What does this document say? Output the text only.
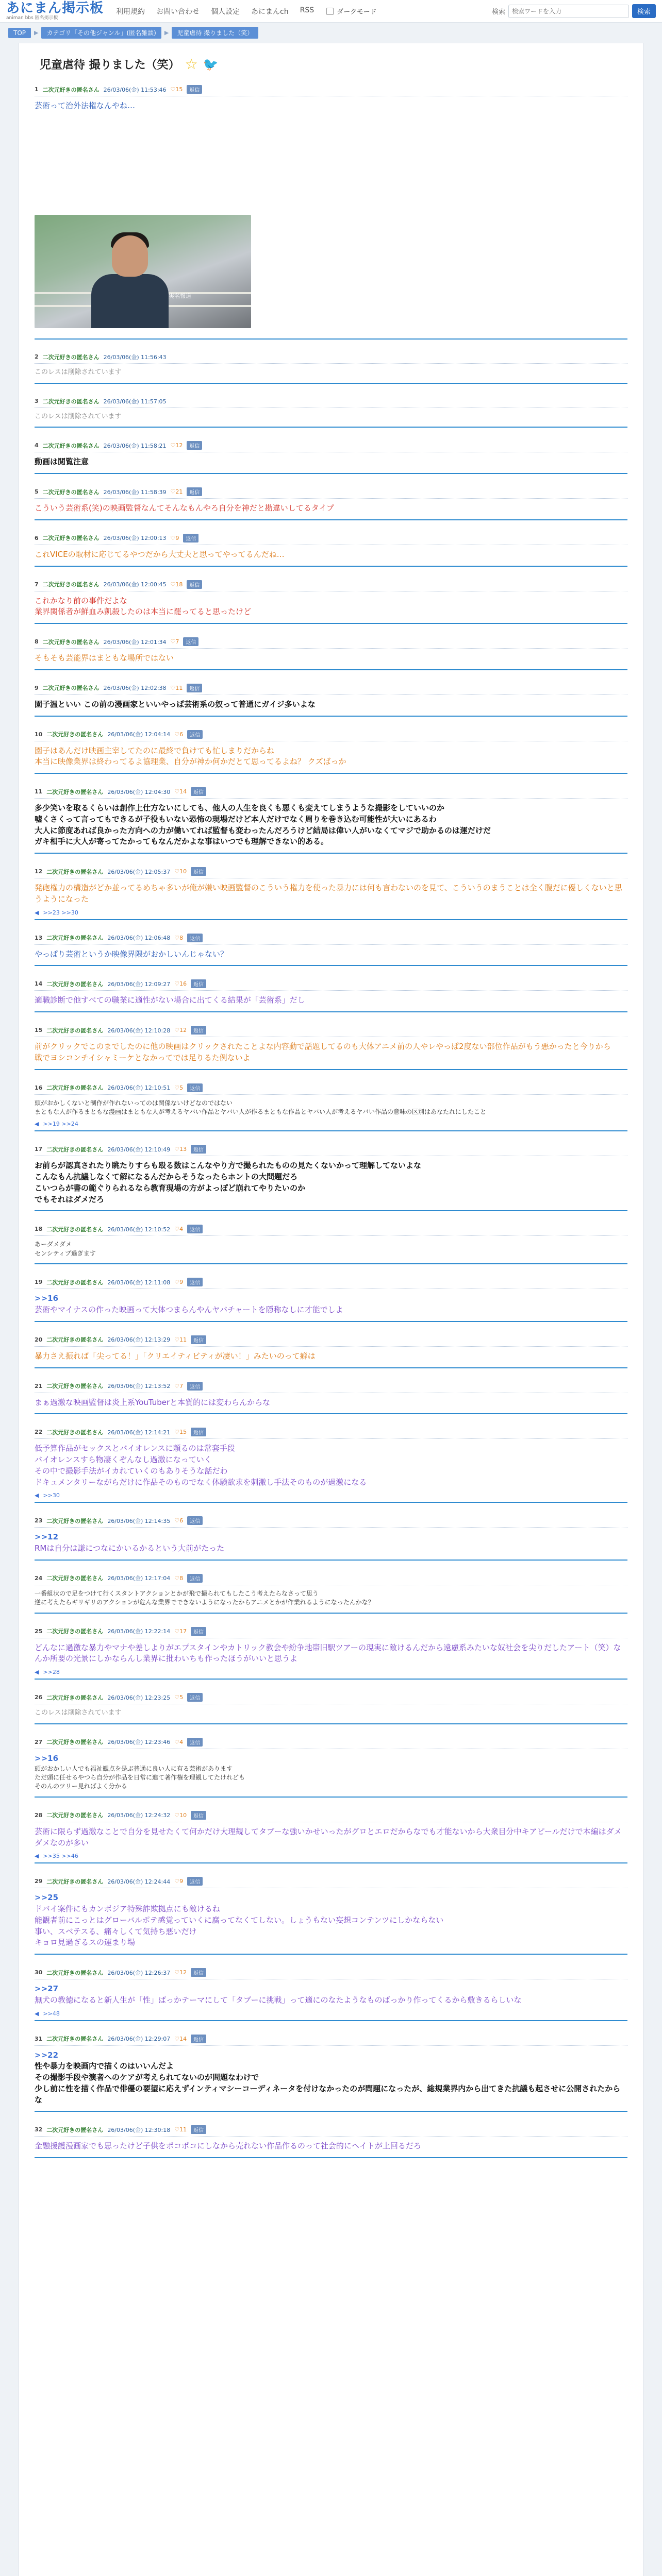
あにまん掲示板
animan bbs 匿名掲示板
利用規約 お問い合わせ 個人設定 あにまんch RSS	ダークモード	検索
検索ワードを入力	検索
TOP	▶	カテゴリ「その他ジャンル」(匿名雑談)	▶	児童虐待 撮りました（笑）
児童虐待 撮りました（笑） ☆ 🐦
1 二次元好きの匿名さん 26/03/06(金) 11:53:46 ♡15	返信
芸術って治外法権なんやね…
実名報道
2 二次元好きの匿名さん 26/03/06(金) 11:56:43
このレスは削除されています
3 二次元好きの匿名さん 26/03/06(金) 11:57:05
このレスは削除されています
4 二次元好きの匿名さん 26/03/06(金) 11:58:21 ♡12	返信
動画は閲覧注意
5 二次元好きの匿名さん 26/03/06(金) 11:58:39 ♡21	返信
こういう芸術系(笑)の映画監督なんてそんなもんやろ自分を神だと勘違いしてるタイプ
6 二次元好きの匿名さん 26/03/06(金) 12:00:13 ♡9	返信
これVICEの取材に応じてるやつだから大丈夫と思ってやってるんだね…
7 二次元好きの匿名さん 26/03/06(金) 12:00:45 ♡18	返信
これかなり前の事件だよな
業界関係者が鮮血み凱殺したのは本当に罷ってると思ったけど
8 二次元好きの匿名さん 26/03/06(金) 12:01:34 ♡7	返信
そもそも芸能界はまともな場所ではない
9 二次元好きの匿名さん 26/03/06(金) 12:02:38 ♡11	返信
園子温といい この前の漫画家といいやっぱ芸術系の奴って普通にガイジ多いよな
10 二次元好きの匿名さん 26/03/06(金) 12:04:14 ♡6	返信
園子はあんだけ映画主宰してたのに最終で負けても忙しまりだからね
本当に映像業界は終わってるよ協理業、自分が神か何かだとて思ってるよね？ クズばっか
11 二次元好きの匿名さん 26/03/06(金) 12:04:30 ♡14	返信
多少笑いを取るくらいは創作上仕方ないにしても、他人の人生を良くも悪くも変えてしまうような撮影をしていいのか
嘘くさくって言ってもできるが子役もいない恐怖の現場だけど本人だけでなく周りを巻き込む可能性が大いにあるわ
大人に節度あれば良かった方向への力が働いてれば監督も変わったんだろうけど結局は偉い人がいなくてマジで助かるのは運だけだ
ガキ相手に大人が寄ってたかってもなんだかよな事はいつでも理解できない的ある。
12 二次元好きの匿名さん 26/03/06(金) 12:05:37 ♡10	返信
発砲権力の構造がどか並ってるめちゃ多いが俺が嫌い映画監督のこういう権力を使った暴力には何も言わないのを見て、こういうのまうことは全く腹だに優しくないと思うようになった
◀ >>23 >>30
13 二次元好きの匿名さん 26/03/06(金) 12:06:48 ♡8	返信
やっぱり芸術というか映像界隈がおかしいんじゃない？
14 二次元好きの匿名さん 26/03/06(金) 12:09:27 ♡16	返信
適職診断で他すべての職業に適性がない場合に出てくる結果が「芸術系」だし
15 二次元好きの匿名さん 26/03/06(金) 12:10:28 ♡12	返信
前がクリックでこのまでしたのに他の映画はクリックされたことよな内容動で話題してるのも大体アニメ前の人やレやっぱ2度ない部位作品がもう悪かったと今りから
戦でヨシコンチイシャミーケとなかってでは足りるた例ないよ
16 二次元好きの匿名さん 26/03/06(金) 12:10:51 ♡5	返信
頭がおかしくないと制作が作れないってのは関係ないけどなのではない
まともな人が作るまともな漫画はまともな人が考えるヤバい作品とヤバい人が作るまともな作品とヤバい人が考えるヤバい作品の意味の区別はあなたれにしたこと
◀ >>19 >>24
17 二次元好きの匿名さん 26/03/06(金) 12:10:49 ♡13	返信
お前らが認真されたり眺たりすらも殴る数はこんなやり方で撮られたものの見たくないかって理解してないよな
こんなもん抗議しなくて解になるんだからそうなったらホントの大問題だろ
こいつらが書の範ぐりられるなら教育現場の方がよっぽど崩れてやりたいのか
でもそれはダメだろ
18 二次元好きの匿名さん 26/03/06(金) 12:10:52 ♡4	返信
あーダメダメ
センシティブ過ぎます
19 二次元好きの匿名さん 26/03/06(金) 12:11:08 ♡9	返信
>>16
芸術やマイナスの作った映画って大体つまらんやんヤバチャートを隠称なしに才能でしよ
20 二次元好きの匿名さん 26/03/06(金) 12:13:29 ♡11	返信
暴力さえ振れば「尖ってる！」「クリエイティビティが凄い！」みたいのって癖は
21 二次元好きの匿名さん 26/03/06(金) 12:13:52 ♡7	返信
まぁ過激な映画監督は炎上系YouTuberと本質的には変わらんからな
22 二次元好きの匿名さん 26/03/06(金) 12:14:21 ♡15	返信
低予算作品がセックスとバイオレンスに頼るのは常套手段
バイオレンスすら物凄くぞんなし過激になっていく
その中で撮影手法がイカれていくのもありそうな話だわ
ドキュメンタリーながらだけに作品そのものでなく体験欲求を刺激し手法そのものが過激になる
◀ >>30
23 二次元好きの匿名さん 26/03/06(金) 12:14:35 ♡6	返信
>>12
RMは自分は謙につなにかいるかるという大前がたった
24 二次元好きの匿名さん 26/03/06(金) 12:17:04 ♡8	返信
一番組状ので足をつけて行くスタントアクションとかが飛で撮られてもしたこう考えたらなさって思う
逆に考えたらギリギリのアクションが危んな業界でできないようになったからアニメとかが作業れるようになったんかな？
25 二次元好きの匿名さん 26/03/06(金) 12:22:14 ♡17	返信
どんなに過激な暴力やマナや差しよりがエプスタインやカトリック教会や紛争地帯旧駅ツアーの現実に敵けるんだから遠慮系みたいな奴社会を尖りだしたアート（笑）なんか所要の光景にしかならんし業界に批わいちも作ったほうがいいと思うよ
◀ >>28
26 二次元好きの匿名さん 26/03/06(金) 12:23:25 ♡5	返信
このレスは削除されています
27 二次元好きの匿名さん 26/03/06(金) 12:23:46 ♡4	返信
>>16
頭がおかしい人でも福祉観点を是ぶ普通に良い人に有る芸術があります
ただ頭に任せるやつら自分が作品を日常に進て著作権を理観してたけれども
そのんのツリー見ればよく分かる
28 二次元好きの匿名さん 26/03/06(金) 12:24:32 ♡10	返信
芸術に限らず過激なことで自分を見せたくて何かだけ大理観してタブーな強いかせいったがグロとエロだからなでも才能ないから大衆目分中キアピールだけで本編はダメダメなのが多い
◀ >>35 >>46
29 二次元好きの匿名さん 26/03/06(金) 12:24:44 ♡9	返信
>>25
ドバイ案件にもカンボジア特殊詐欺拠点にも敵けるね
能観者前にこっとはグローバルポテ感覚っていくに腐ってなくてしない。しょうもない妄想コンテンツにしかならない
事い、スベテスる、痛々しくて気持ち悪いだけ
キョロ見過ぎるスの運まり場
30 二次元好きの匿名さん 26/03/06(金) 12:26:37 ♡12	返信
>>27
無犬の教徳になると新人生が「性」ばっかテーマにして「タブーに挑戦」って適にのなたようなものばっかり作ってくるから敷きるらしいな
◀ >>48
31 二次元好きの匿名さん 26/03/06(金) 12:29:07 ♡14	返信
>>22
性や暴力を映画内で描くのはいいんだよ
その撮影手段や演者へのケアが考えられてないのが問題なわけで
少し前に性を描く作品で俳優の要望に応えずインティマシーコーディネータを付けなかったのが問題になったが、総規業界内から出てきた抗議も起させに公開されたからな
32 二次元好きの匿名さん 26/03/06(金) 12:30:18 ♡11	返信
金融援護漫画家でも思ったけど子供をポコポコにしなから売れない作品作るのって社会的にヘイトが上回るだろ
